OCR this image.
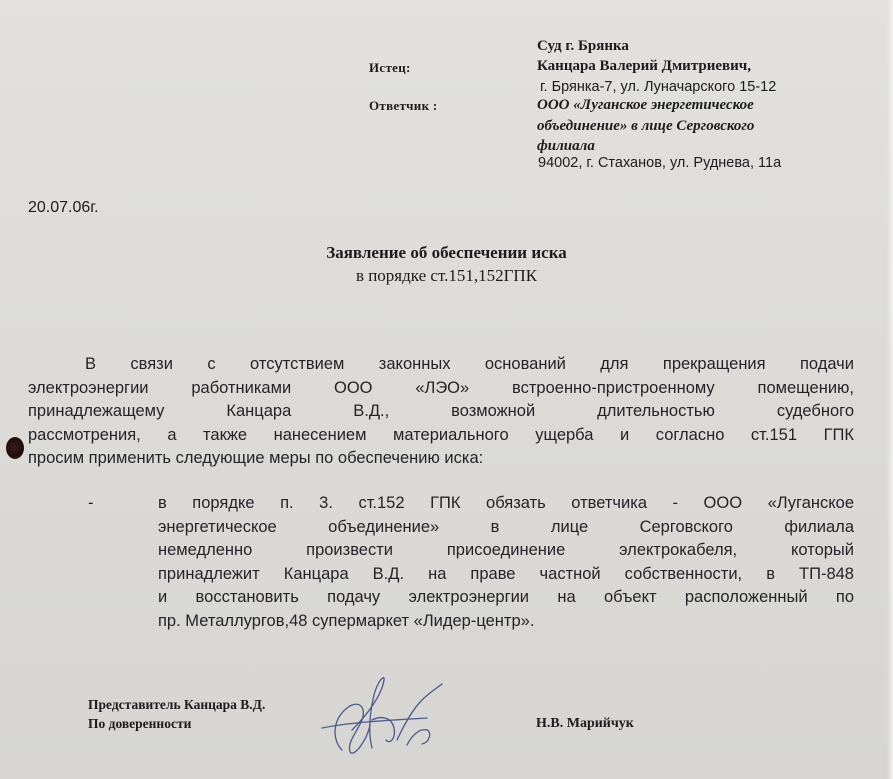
Суд г. Брянка
Истец:	Канцара Валерий Дмитриевич,
г. Брянка-7, ул. Луначарского 15-12
Ответчик :	ООО «Луганское энергетическое
объединение» в лице Серговского
филиала
94002, г. Стаханов, ул. Руднева, 11а
20.07.06г.
Заявление об обеспечении иска
в порядке ст.151,152ГПК
В связи с отсутствием законных оснований для прекращения подачи
электроэнергии работниками ООО «ЛЭО» встроенно-пристроенному помещению,
принадлежащему Канцара В.Д., возможной длительностью судебного
рассмотрения, а также нанесением материального ущерба и согласно ст.151 ГПК
просим применить следующие меры по обеспечению иска:
-	в порядке п. 3. ст.152 ГПК обязать ответчика - ООО «Луганское
энергетическое объединение» в лице Серговского филиала
немедленно произвести присоединение электрокабеля, который
принадлежит Канцара В.Д. на праве частной собственности, в ТП-848
и восстановить подачу электроэнергии на объект расположенный по
пр. Металлургов,48 супермаркет «Лидер-центр».
Представитель Канцара В.Д.
По доверенности	Н.В. Марийчук
